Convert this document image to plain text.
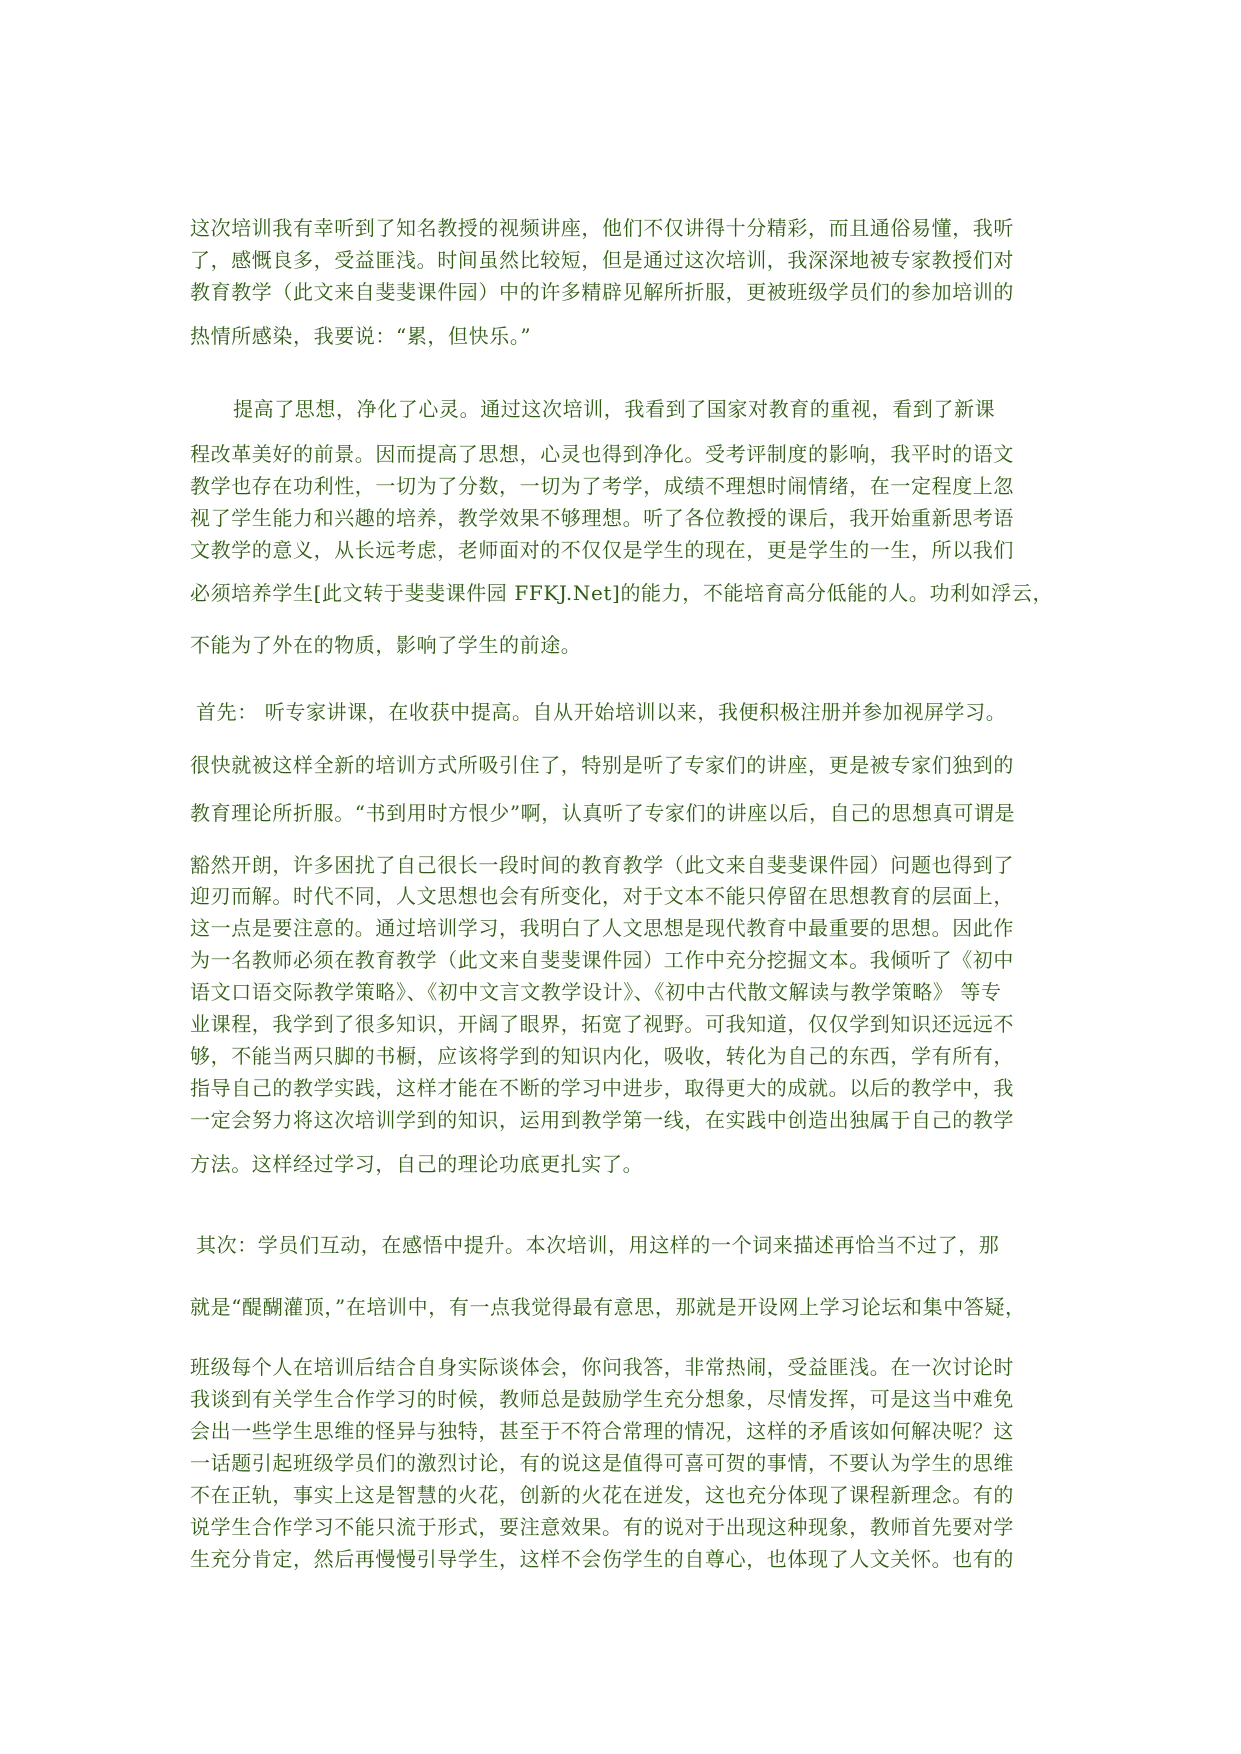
这次培训我有幸听到了知名教授的视频讲座，他们不仅讲得十分精彩，而且通俗易懂，我听

了，感慨良多，受益匪浅。时间虽然比较短，但是通过这次培训，我深深地被专家教授们对

教育教学（此文来自斐斐课件园）中的许多精辟见解所折服，更被班级学员们的参加培训的

热情所感染，我要说：“累，但快乐。”

提高了思想，净化了心灵。通过这次培训，我看到了国家对教育的重视，看到了新课

程改革美好的前景。因而提高了思想，心灵也得到净化。受考评制度的影响，我平时的语文

教学也存在功利性，一切为了分数，一切为了考学，成绩不理想时闹情绪，在一定程度上忽

视了学生能力和兴趣的培养，教学效果不够理想。听了各位教授的课后，我开始重新思考语

文教学的意义，从长远考虑，老师面对的不仅仅是学生的现在，更是学生的一生，所以我们

必须培养学生[此文转于斐斐课件园 FFKJ.Net]的能力，不能培育高分低能的人。功利如浮云，

不能为了外在的物质，影响了学生的前途。

首先： 听专家讲课，在收获中提高。自从开始培训以来，我便积极注册并参加视屏学习。

很快就被这样全新的培训方式所吸引住了，特别是听了专家们的讲座，更是被专家们独到的

教育理论所折服。“书到用时方恨少”啊，认真听了专家们的讲座以后，自己的思想真可谓是

豁然开朗，许多困扰了自己很长一段时间的教育教学（此文来自斐斐课件园）问题也得到了

迎刃而解。时代不同，人文思想也会有所变化，对于文本不能只停留在思想教育的层面上，

这一点是要注意的。通过培训学习，我明白了人文思想是现代教育中最重要的思想。因此作

为一名教师必须在教育教学（此文来自斐斐课件园）工作中充分挖掘文本。我倾听了《初中

语文口语交际教学策略》、《初中文言文教学设计》、《初中古代散文解读与教学策略》 等专

业课程，我学到了很多知识，开阔了眼界，拓宽了视野。可我知道，仅仅学到知识还远远不

够，不能当两只脚的书橱，应该将学到的知识内化，吸收，转化为自己的东西，学有所有，

指导自己的教学实践，这样才能在不断的学习中进步，取得更大的成就。以后的教学中，我

一定会努力将这次培训学到的知识，运用到教学第一线，在实践中创造出独属于自己的教学

方法。这样经过学习，自己的理论功底更扎实了。

其次：学员们互动，在感悟中提升。本次培训，用这样的一个词来描述再恰当不过了，那

就是“醍醐灌顶，”在培训中，有一点我觉得最有意思，那就是开设网上学习论坛和集中答疑，

班级每个人在培训后结合自身实际谈体会，你问我答，非常热闹，受益匪浅。在一次讨论时

我谈到有关学生合作学习的时候，教师总是鼓励学生充分想象，尽情发挥，可是这当中难免

会出一些学生思维的怪异与独特，甚至于不符合常理的情况，这样的矛盾该如何解决呢？这

一话题引起班级学员们的激烈讨论，有的说这是值得可喜可贺的事情，不要认为学生的思维

不在正轨，事实上这是智慧的火花，创新的火花在迸发，这也充分体现了课程新理念。有的

说学生合作学习不能只流于形式，要注意效果。有的说对于出现这种现象，教师首先要对学

生充分肯定，然后再慢慢引导学生，这样不会伤学生的自尊心，也体现了人文关怀。也有的
